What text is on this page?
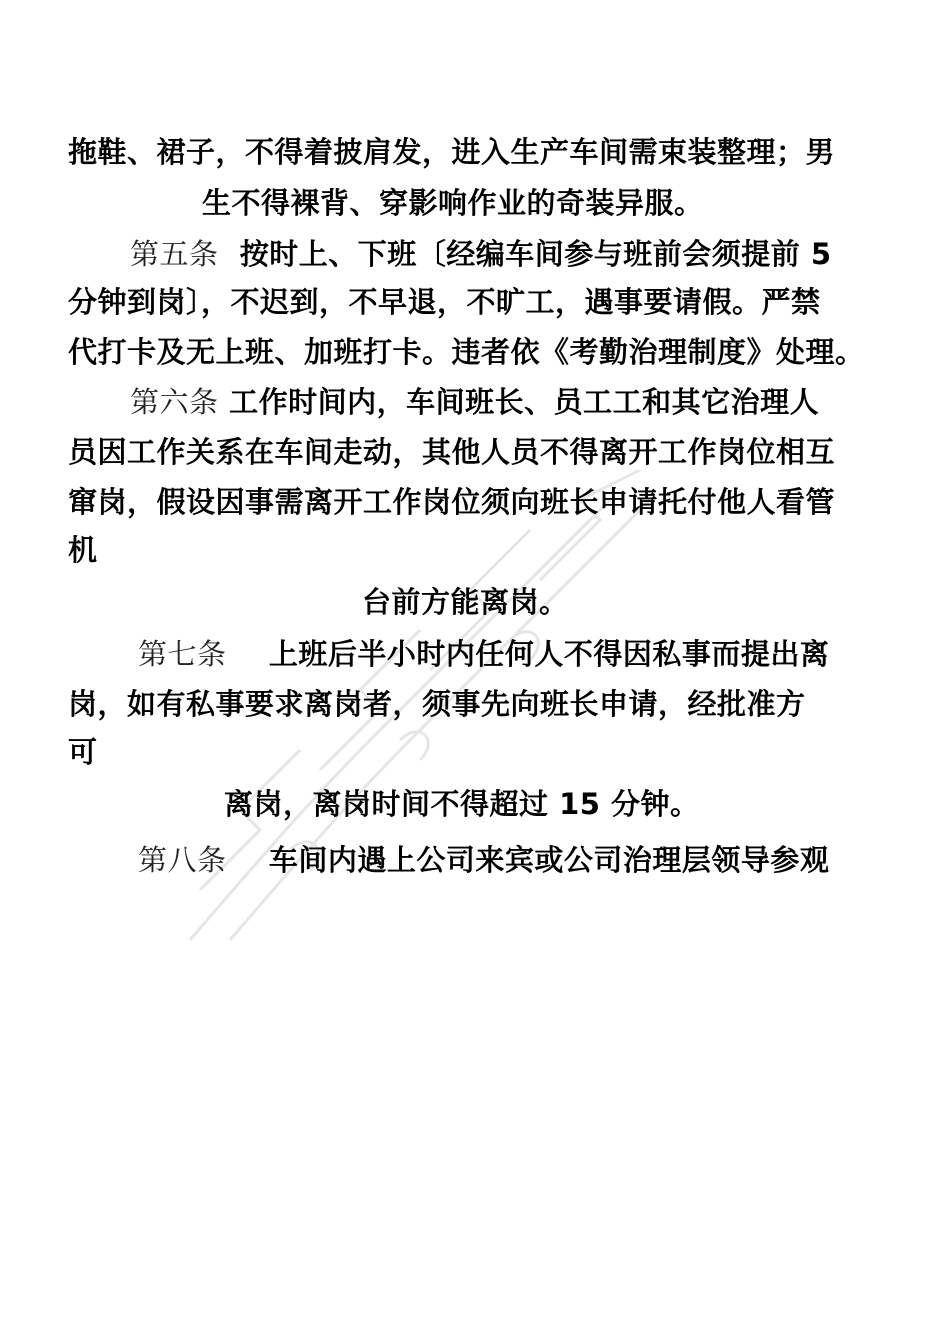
拖鞋、裙子，不得着披肩发，进入生产车间需束装整理；男
生不得裸背、穿影响作业的奇装异服。
第五条 按时上、下班〔经编车间参与班前会须提前 5
分钟到岗〕，不迟到，不早退，不旷工，遇事要请假。严禁
代打卡及无上班、加班打卡。违者依《考勤治理制度》处理。
第六条 工作时间内，车间班长、员工工和其它治理人
员因工作关系在车间走动，其他人员不得离开工作岗位相互
窜岗，假设因事需离开工作岗位须向班长申请托付他人看管
机
台前方能离岗。
第七条 上班后半小时内任何人不得因私事而提出离
岗，如有私事要求离岗者，须事先向班长申请，经批准方
可
离岗，离岗时间不得超过 15 分钟。
第八条 车间内遇上公司来宾或公司治理层领导参观
